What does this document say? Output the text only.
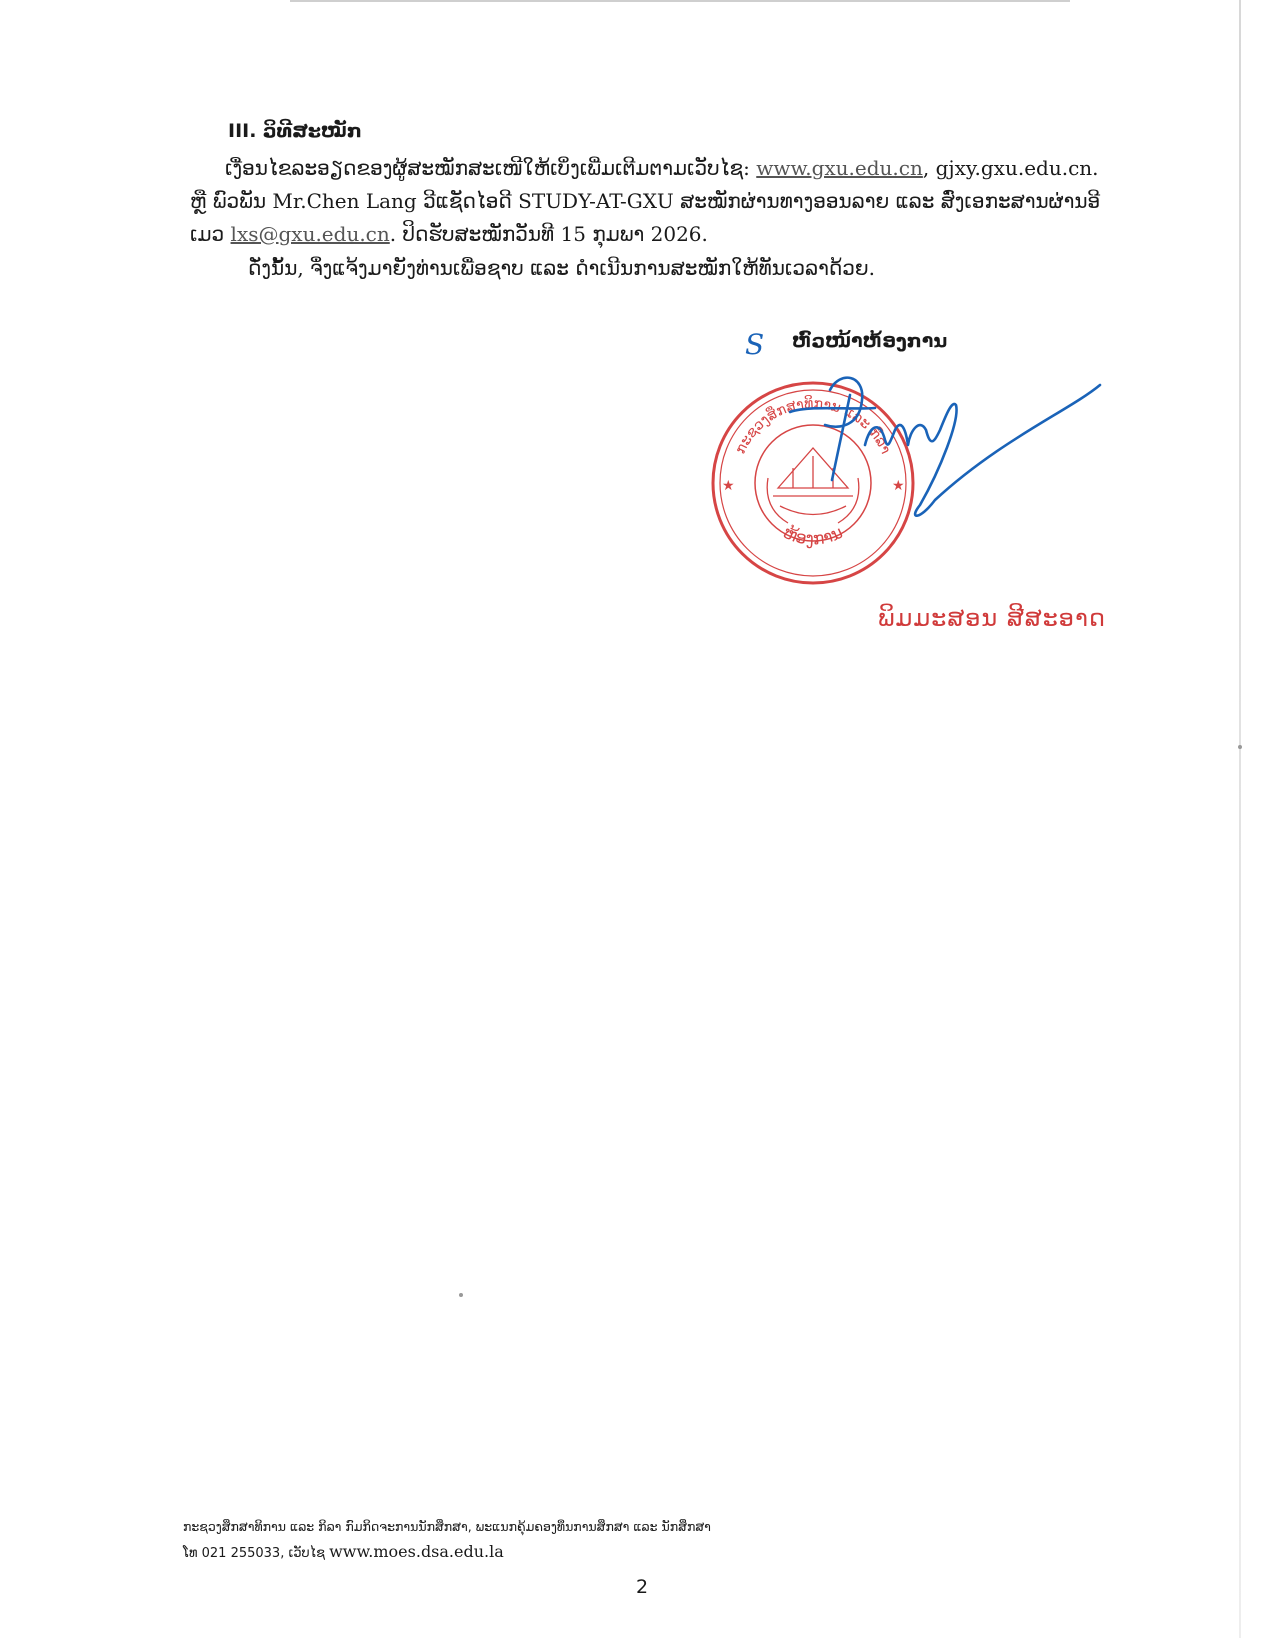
III. ວິທີສະໝັກ
ເງື່ອນໄຂລະອຽດຂອງຜູ້ສະໝັກສະເໜີໃຫ້ເບິ່ງເພີ່ມເຕີມຕາມເວັບໄຊ: www.gxu.edu.cn, gjxy.gxu.edu.cn. ຫຼື ພົວພັນ Mr.Chen Lang ວີແຊັດໄອດີ STUDY-AT-GXU ສະໝັກຜ່ານທາງອອນລາຍ ແລະ ສົ່ງເອກະສານຜ່ານອີເມວ lxs@gxu.edu.cn. ປິດຮັບສະໝັກວັນທີ 15 ກຸມພາ 2026.
ດັ່ງນັ້ນ, ຈຶ່ງແຈ້ງມາຍັງທ່ານເພື່ອຊາບ ແລະ ດຳເນີນການສະໝັກໃຫ້ທັນເວລາດ້ວຍ.
ຫົວໜ້າຫ້ອງການ
ກະຊວງສຶກສາທິການ ແລະ ກິລາ
ຫ້ອງການ
★	★
S
ພິມມະສອນ ສີສະອາດ
ກະຊວງສຶກສາທິການ ແລະ ກິລາ ກົມກິດຈະການນັກສຶກສາ, ພະແນກຄຸ້ມຄອງທຶນການສຶກສາ ແລະ ນັກສຶກສາ
ໂທ 021 255033, ເວັບໄຊ www.moes.dsa.edu.la
2
